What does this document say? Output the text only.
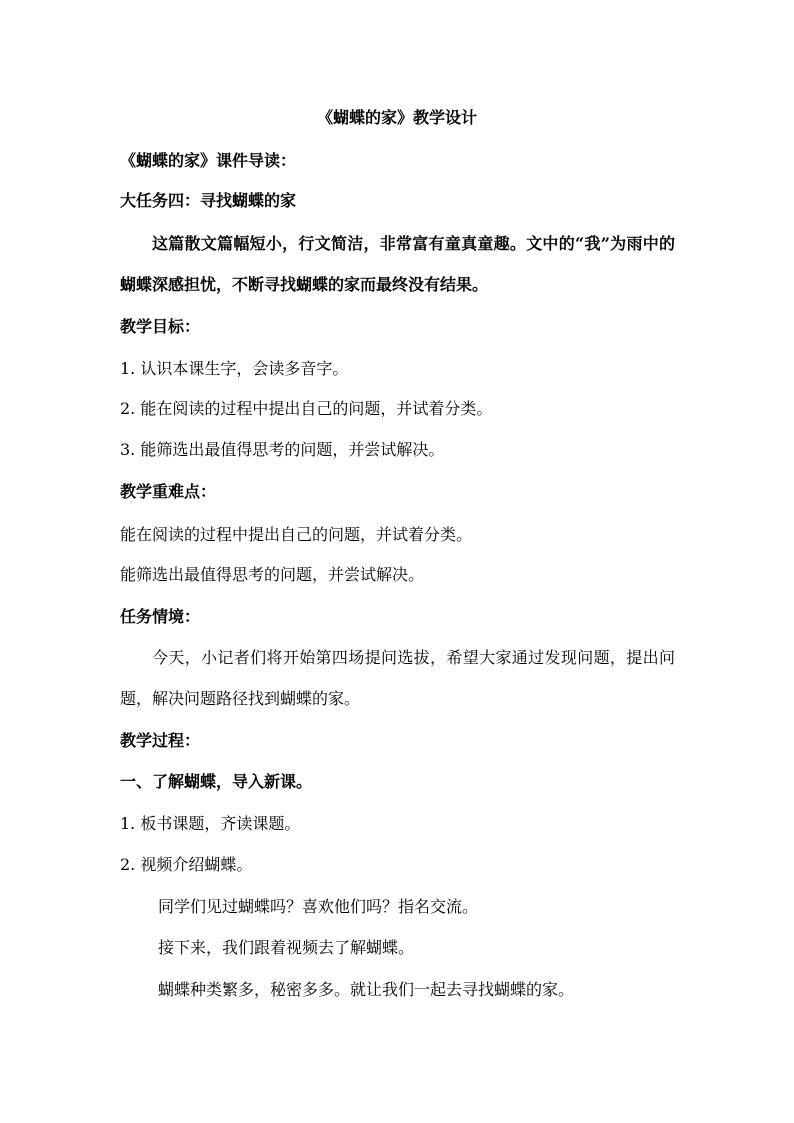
《蝴蝶的家》教学设计
《蝴蝶的家》课件导读：
大任务四：寻找蝴蝶的家
这篇散文篇幅短小，行文简洁，非常富有童真童趣。文中的“我”为雨中的蝴蝶深感担忧，不断寻找蝴蝶的家而最终没有结果。
教学目标：
1. 认识本课生字，会读多音字。
2. 能在阅读的过程中提出自己的问题，并试着分类。
3. 能筛选出最值得思考的问题，并尝试解决。
教学重难点：
能在阅读的过程中提出自己的问题，并试着分类。
能筛选出最值得思考的问题，并尝试解决。
任务情境：
今天，小记者们将开始第四场提问选拔，希望大家通过发现问题，提出问题，解决问题路径找到蝴蝶的家。
教学过程：
一、了解蝴蝶，导入新课。
1. 板书课题，齐读课题。
2. 视频介绍蝴蝶。
同学们见过蝴蝶吗？喜欢他们吗？指名交流。
接下来，我们跟着视频去了解蝴蝶。
蝴蝶种类繁多，秘密多多。就让我们一起去寻找蝴蝶的家。
